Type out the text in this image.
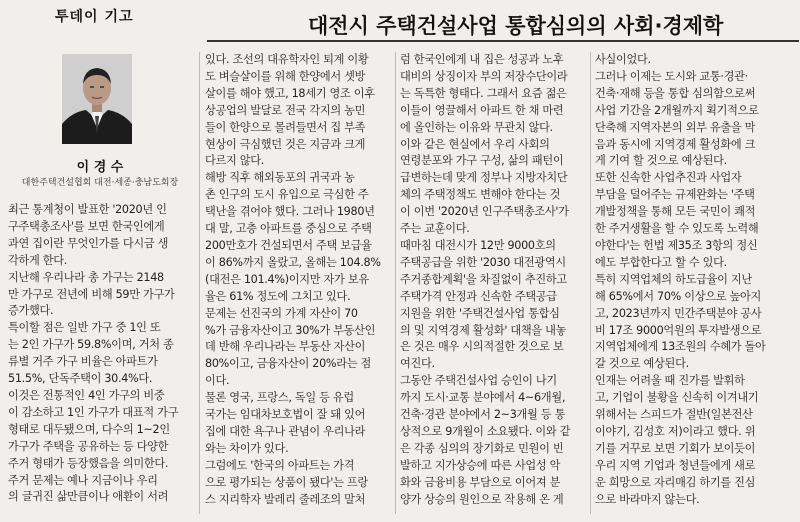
투데이 기고	대전시 주택건설사업 통합심의의 사회·경제학
이 경 수
대한주택건설협회 대전·세종·충남도회장

최근 통계청이 발표한 '2020년 인
구주택총조사'를 보면 한국인에게
과연 집이란 무엇인가를 다시금 생
각하게 한다.
지난해 우리나라 총 가구는 2148
만 가구로 전년에 비해 59만 가구가
증가했다.
특이할 점은 일반 가구 중 1인 또
는 2인 가구가 59.8%이며, 거처 종
류별 거주 가구 비율은 아파트가
51.5%, 단독주택이 30.4%다.
이것은 전통적인 4인 가구의 비중
이 감소하고 1인 가구가 대표적 가구
형태로 대두됐으며, 다수의 1~2인
가구가 주택을 공유하는 등 다양한
주거 형태가 등장했음을 의미한다.
주거 문제는 예나 지금이나 우리
의 글귀진 삶만큼이나 애환이 서려

있다. 조선의 대유학자인 퇴계 이황
도 벼슬살이를 위해 한양에서 셋방
살이를 해야 했고, 18세기 영조 이후
상공업의 발달로 전국 각지의 농민
들이 한양으로 몰려들면서 집 부족
현상이 극심했던 것은 지금과 크게
다르지 않다.
해방 직후 해외동포의 귀국과 농
촌 인구의 도시 유입으로 극심한 주
택난을 겪어야 했다. 그러나 1980년
대 말, 고층 아파트를 중심으로 주택
200만호가 건설되면서 주택 보급율
이 86%까지 올랐고, 올해는 104.8%
(대전은 101.4%)이지만 자가 보유
율은 61% 정도에 그치고 있다.
문제는 선진국의 가계 자산이 70
%가 금융자산이고 30%가 부동산인
데 반해 우리나라는 부동산 자산이
80%이고, 금융자산이 20%라는 점
이다.
물론 영국, 프랑스, 독일 등 유럽
국가는 임대차보호법이 잘 돼 있어
집에 대한 욕구나 관념이 우리나라
와는 차이가 있다.
그럼에도 '한국의 아파트는 가격
으로 평가되는 상품이 됐다'는 프랑
스 지리학자 발레리 줄레조의 말처

럼 한국인에게 내 집은 성공과 노후
대비의 상징이자 부의 저장수단이라
는 독특한 형태다. 그래서 요즘 젊은
이들이 영끌해서 아파트 한 채 마련
에 올인하는 이유와 무관치 않다.
이와 같은 현실에서 우리 사회의
연령분포와 가구 구성, 삶의 패턴이
급변하는데 맞게 정부나 지방자치단
체의 주택정책도 변해야 한다는 것
이 이번 '2020년 인구주택총조사'가
주는 교훈이다.
때마침 대전시가 12만 9000호의
주택공급을 위한 '2030 대전광역시
주거종합계획'을 차질없이 추진하고
주택가격 안정과 신속한 주택공급
지원을 위한 '주택건설사업 통합심
의 및 지역경제 활성화' 대책을 내놓
은 것은 매우 시의적절한 것으로 보
여진다.
그동안 주택건설사업 승인이 나기
까지 도시·교통 분야에서 4~6개월,
건축·경관 분야에서 2~3개월 등 통
상적으로 9개월이 소요됐다. 이와 같
은 각종 심의의 장기화로 민원이 빈
발하고 지가상승에 따른 사업성 악
화와 금융비용 부담으로 이어져 분
양가 상승의 원인으로 작용해 온 게

사실이었다.
그러나 이제는 도시와 교통·경관·
건축·재해 등을 통합 심의함으로써
사업 기간을 2개월까지 획기적으로
단축해 지역자본의 외부 유출을 막
음과 동시에 지역경제 활성화에 크
게 기여 할 것으로 예상된다.
또한 신속한 사업추진과 사업자
부담을 덜어주는 규제완화는 '주택
개발정책을 통해 모든 국민이 쾌적
한 주거생활을 할 수 있도록 노력해
야한다'는 헌법 제35조 3항의 정신
에도 부합한다고 할 수 있다.
특히 지역업체의 하도급율이 지난
해 65%에서 70% 이상으로 높아지
고, 2023년까지 민간주택분야 공사
비 17조 9000억원의 투자발생으로
지역업체에게 13조원의 수혜가 돌아
갈 것으로 예상된다.
인재는 어려울 때 진가를 발휘하
고, 기업이 불황을 신속히 이겨내기
위해서는 스피드가 절반(일본전산
이야기, 김성호 저)이라고 했다. 위
기를 거꾸로 보면 기회가 보이듯이
우리 지역 기업과 청년들에게 새로
운 희망으로 자리매김 하기를 진심
으로 바라마지 않는다.
